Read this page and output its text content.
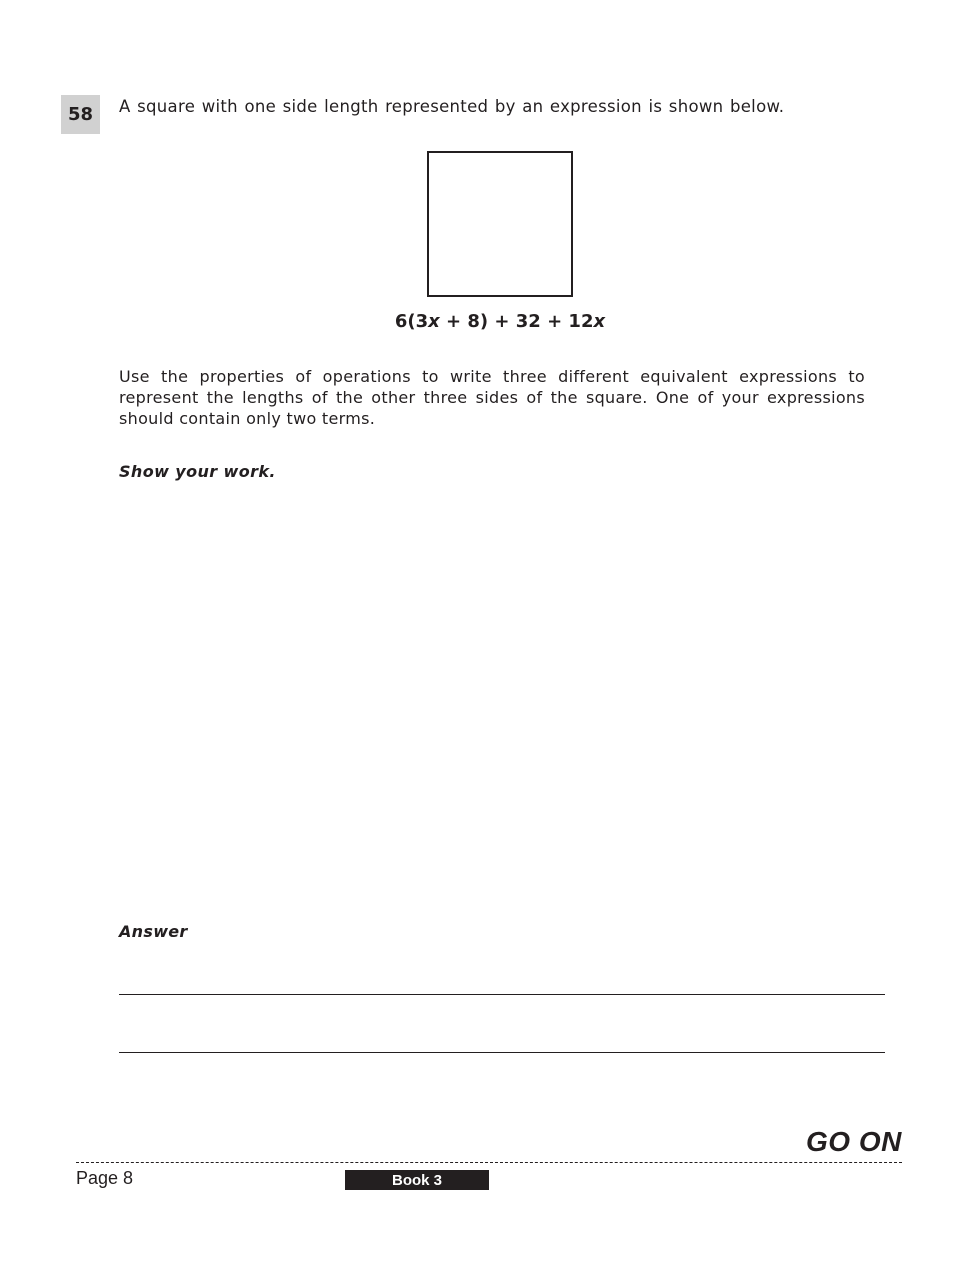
58	A square with one side length represented by an expression is shown below.
6(3x + 8) + 32 + 12x
Use the properties of operations to write three different equivalent expressions to represent the lengths of the other three sides of the square. One of your expressions should contain only two terms.
Show your work.
Answer
GO ON
Page 8	Book 3
